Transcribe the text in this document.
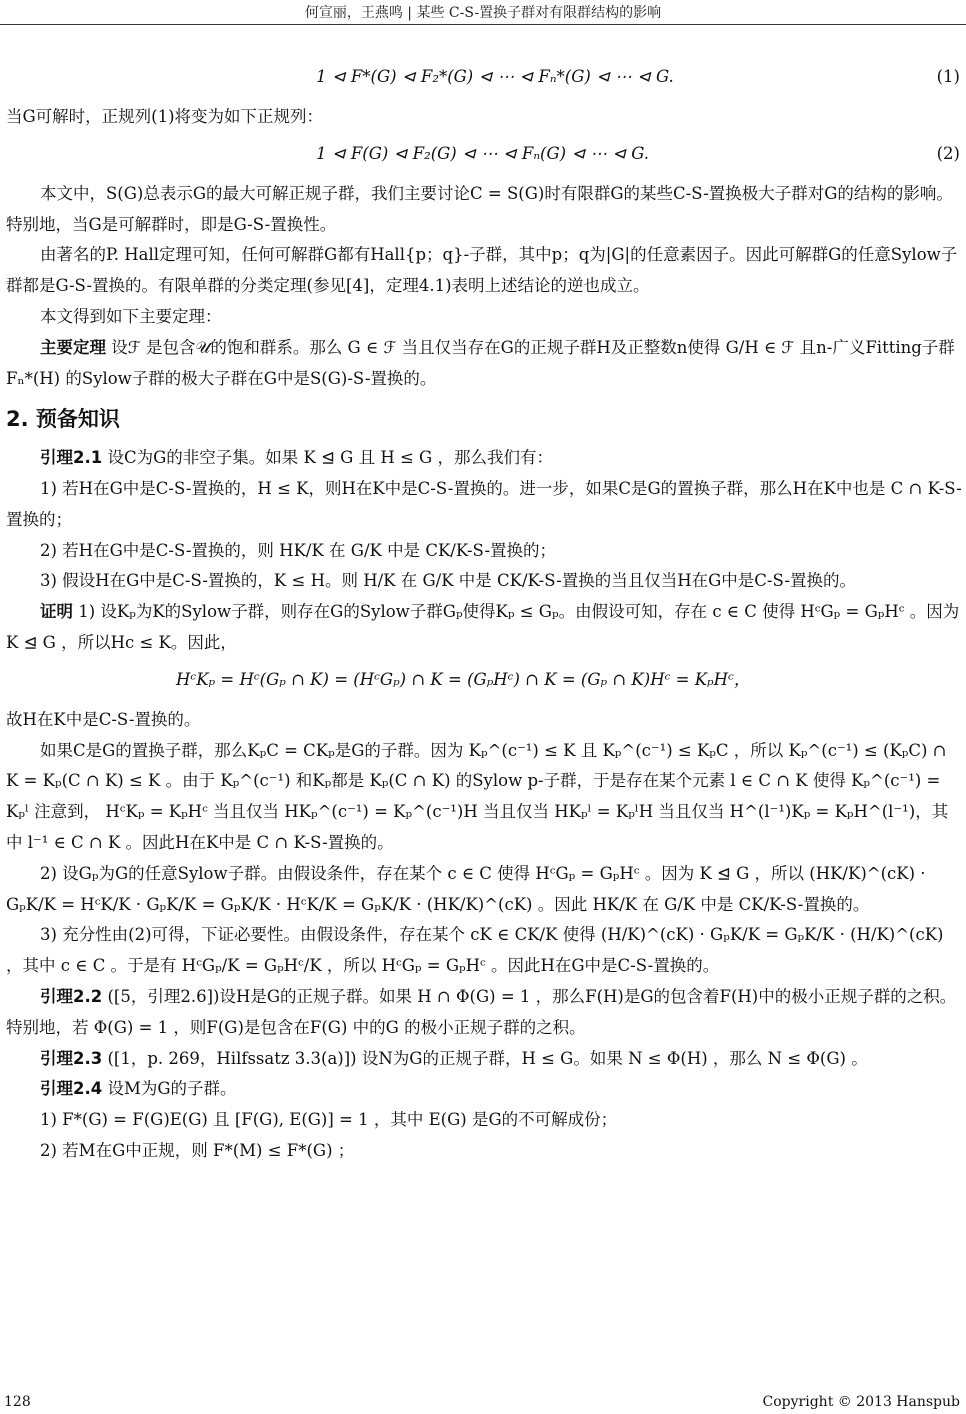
何宣丽，王燕鸣 | 某些 C-S-置换子群对有限群结构的影响
1 ⊲ F*(G) ⊲ F₂*(G) ⊲ ⋯ ⊲ Fₙ*(G) ⊲ ⋯ ⊲ G.	(1)

当G可解时，正规列(1)将变为如下正规列：

1 ⊲ F(G) ⊲ F₂(G) ⊲ ⋯ ⊲ Fₙ(G) ⊲ ⋯ ⊲ G.	(2)

本文中，S(G)总表示G的最大可解正规子群，我们主要讨论C = S(G)时有限群G的某些C-S-置换极大子群对G的结构的影响。特别地，当G是可解群时，即是G-S-置换性。

由著名的P. Hall定理可知，任何可解群G都有Hall{p；q}-子群，其中p；q为|G|的任意素因子。因此可解群G的任意Sylow子群都是G-S-置换的。有限单群的分类定理(参见[4]，定理4.1)表明上述结论的逆也成立。

本文得到如下主要定理：

主要定理 设ℱ 是包含𝒰的饱和群系。那么 G ∈ ℱ 当且仅当存在G的正规子群H及正整数n使得 G/H ∈ ℱ 且n-广义Fitting子群 Fₙ*(H) 的Sylow子群的极大子群在G中是S(G)-S-置换的。

2. 预备知识

引理2.1 设C为G的非空子集。如果 K ⊴ G 且 H ≤ G ，那么我们有：

1) 若H在G中是C-S-置换的，H ≤ K，则H在K中是C-S-置换的。进一步，如果C是G的置换子群，那么H在K中也是 C ∩ K-S-置换的；

2) 若H在G中是C-S-置换的，则 HK/K 在 G/K 中是 CK/K-S-置换的；

3) 假设H在G中是C-S-置换的，K ≤ H。则 H/K 在 G/K 中是 CK/K-S-置换的当且仅当H在G中是C-S-置换的。

证明 1) 设Kₚ为K的Sylow子群，则存在G的Sylow子群Gₚ使得Kₚ ≤ Gₚ。由假设可知，存在 c ∈ C 使得 HᶜGₚ = GₚHᶜ 。因为 K ⊴ G ，所以Hc ≤ K。因此，

HᶜKₚ = Hᶜ(Gₚ ∩ K) = (HᶜGₚ) ∩ K = (GₚHᶜ) ∩ K = (Gₚ ∩ K)Hᶜ = KₚHᶜ，

故H在K中是C-S-置换的。

如果C是G的置换子群，那么KₚC = CKₚ是G的子群。因为 Kₚ^(c⁻¹) ≤ K 且 Kₚ^(c⁻¹) ≤ KₚC ，所以 Kₚ^(c⁻¹) ≤ (KₚC) ∩ K = Kₚ(C ∩ K) ≤ K 。由于 Kₚ^(c⁻¹) 和Kₚ都是 Kₚ(C ∩ K) 的Sylow p-子群，于是存在某个元素 l ∈ C ∩ K 使得 Kₚ^(c⁻¹) = Kₚˡ 注意到， HᶜKₚ = KₚHᶜ 当且仅当 HKₚ^(c⁻¹) = Kₚ^(c⁻¹)H 当且仅当 HKₚˡ = KₚˡH 当且仅当 H^(l⁻¹)Kₚ = KₚH^(l⁻¹)，其中 l⁻¹ ∈ C ∩ K 。因此H在K中是 C ∩ K-S-置换的。

2) 设Gₚ为G的任意Sylow子群。由假设条件，存在某个 c ∈ C 使得 HᶜGₚ = GₚHᶜ 。因为 K ⊴ G ，所以 (HK/K)^(cK) · GₚK/K = HᶜK/K · GₚK/K = GₚK/K · HᶜK/K = GₚK/K · (HK/K)^(cK) 。因此 HK/K 在 G/K 中是 CK/K-S-置换的。

3) 充分性由(2)可得，下证必要性。由假设条件，存在某个 cK ∈ CK/K 使得 (H/K)^(cK) · GₚK/K = GₚK/K · (H/K)^(cK) ，其中 c ∈ C 。于是有 HᶜGₚ/K = GₚHᶜ/K ，所以 HᶜGₚ = GₚHᶜ 。因此H在G中是C-S-置换的。

引理2.2 ([5，引理2.6])设H是G的正规子群。如果 H ∩ Φ(G) = 1 ，那么F(H)是G的包含着F(H)中的极小正规子群的之积。特别地，若 Φ(G) = 1 ，则F(G)是包含在F(G) 中的G 的极小正规子群的之积。

引理2.3 ([1，p. 269，Hilfssatz 3.3(a)]) 设N为G的正规子群，H ≤ G。如果 N ≤ Φ(H) ，那么 N ≤ Φ(G) 。

引理2.4 设M为G的子群。

1) F*(G) = F(G)E(G) 且 [F(G), E(G)] = 1 ，其中 E(G) 是G的不可解成份；

2) 若M在G中正规，则 F*(M) ≤ F*(G) ；

128	Copyright © 2013 Hanspub
